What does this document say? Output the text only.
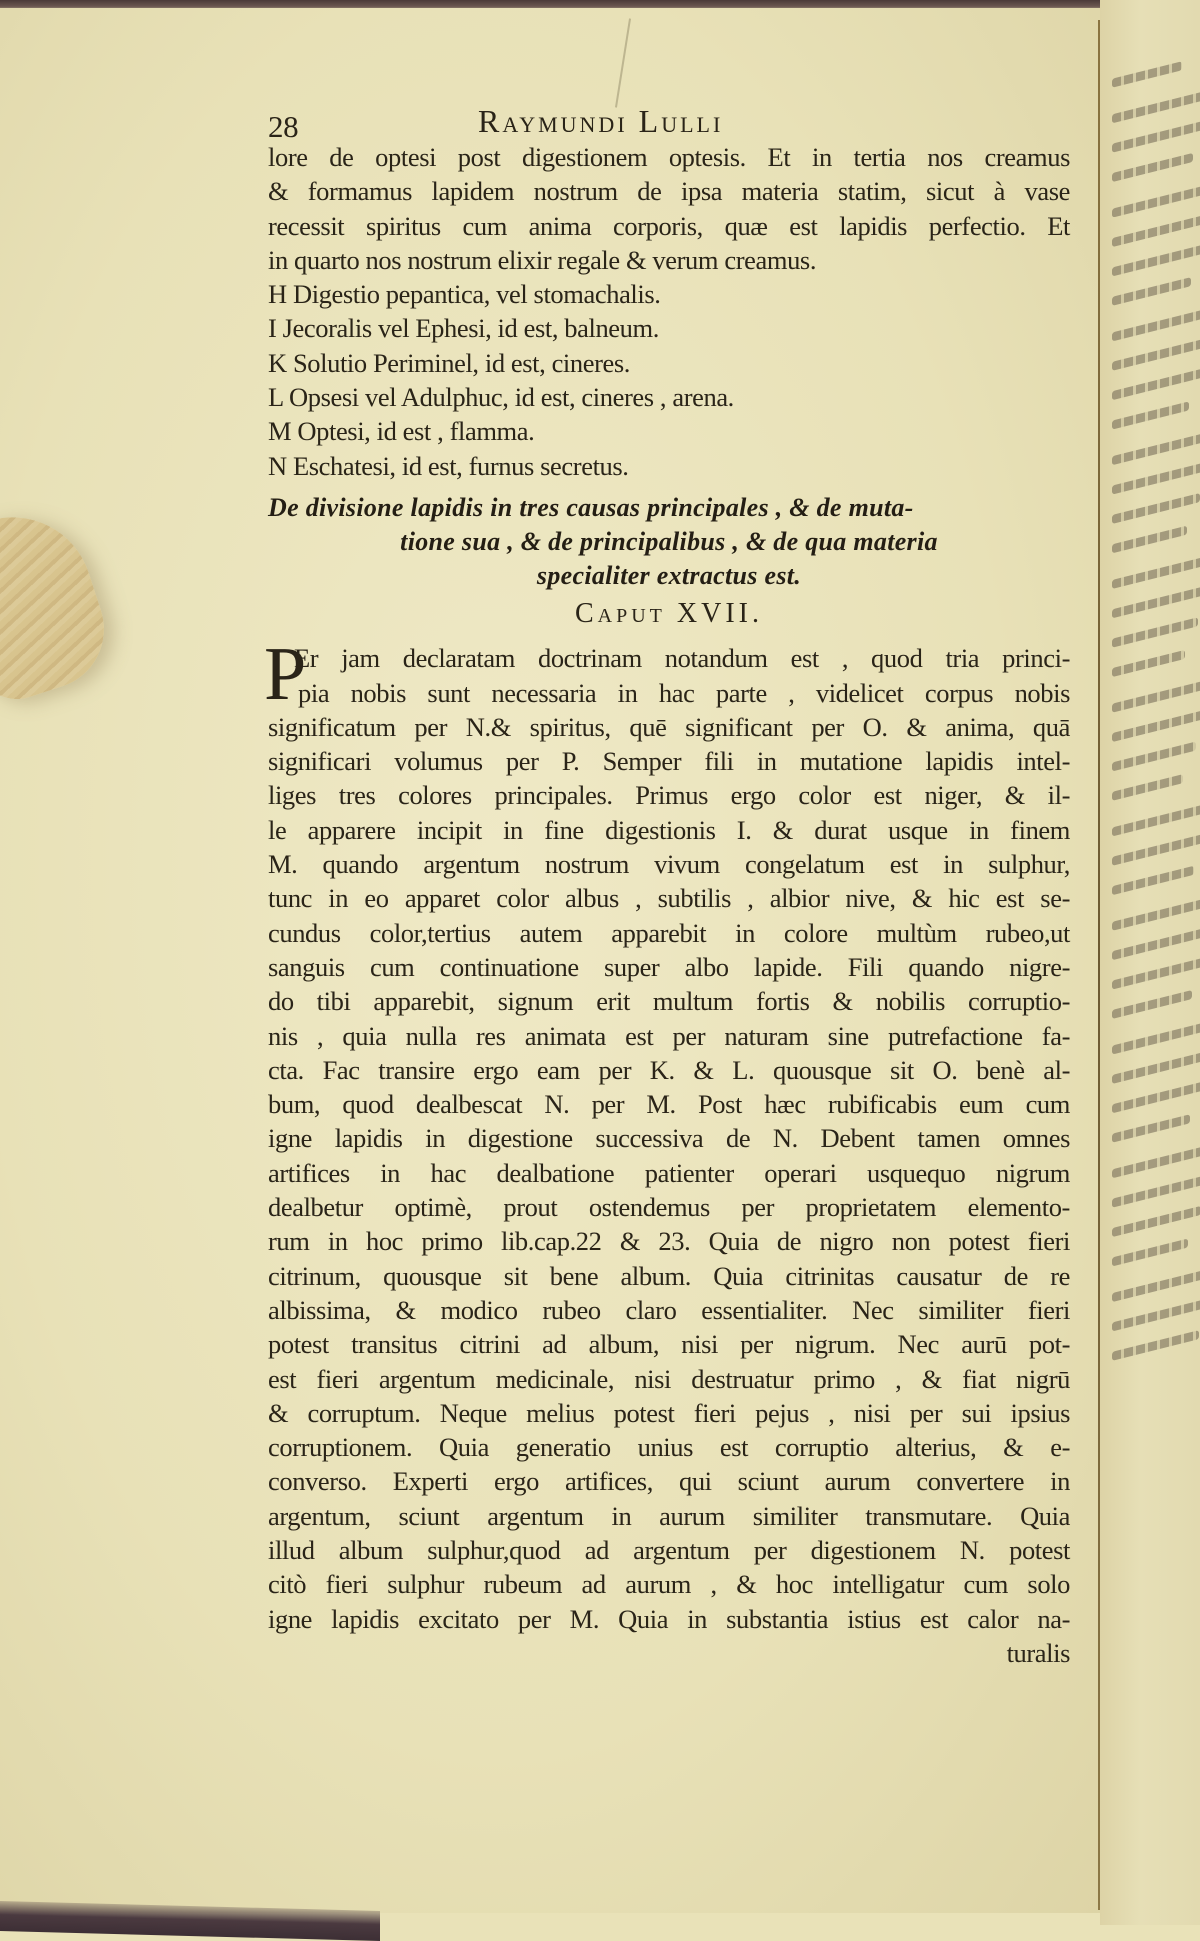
28	Raymundi Lulli
lore de optesi post digestionem optesis. Et in tertia nos creamus
& formamus lapidem nostrum de ipsa materia statim, sicut à vase
recessit spiritus cum anima corporis, quæ est lapidis perfectio. Et
in quarto nos nostrum elixir regale & verum creamus.
H Digestio pepantica, vel stomachalis.
I Jecoralis vel Ephesi, id est, balneum.
K Solutio Periminel, id est, cineres.
L Opsesi vel Adulphuc, id est, cineres , arena.
M Optesi, id est , flamma.
N Eschatesi, id est, furnus secretus.
De divisione lapidis in tres causas principales , & de muta-
tione sua , & de principalibus , & de qua materia
specialiter extractus est.
Caput XVII.
P
Er jam declaratam doctrinam notandum est , quod tria princi-
pia nobis sunt necessaria in hac parte , videlicet corpus nobis
significatum per N.& spiritus, quē significant per O. & anima, quā
significari volumus per P. Semper fili in mutatione lapidis intel-
liges tres colores principales. Primus ergo color est niger, & il-
le apparere incipit in fine digestionis I. & durat usque in finem
M. quando argentum nostrum vivum congelatum est in sulphur,
tunc in eo apparet color albus , subtilis , albior nive, & hic est se-
cundus color,tertius autem apparebit in colore multùm rubeo,ut
sanguis cum continuatione super albo lapide. Fili quando nigre-
do tibi apparebit, signum erit multum fortis & nobilis corruptio-
nis , quia nulla res animata est per naturam sine putrefactione fa-
cta. Fac transire ergo eam per K. & L. quousque sit O. benè al-
bum, quod dealbescat N. per M. Post hæc rubificabis eum cum
igne lapidis in digestione successiva de N. Debent tamen omnes
artifices in hac dealbatione patienter operari usquequo nigrum
dealbetur optimè, prout ostendemus per proprietatem elemento-
rum in hoc primo lib.cap.22 & 23. Quia de nigro non potest fieri
citrinum, quousque sit bene album. Quia citrinitas causatur de re
albissima, & modico rubeo claro essentialiter. Nec similiter fieri
potest transitus citrini ad album, nisi per nigrum. Nec aurū pot-
est fieri argentum medicinale, nisi destruatur primo , & fiat nigrū
& corruptum. Neque melius potest fieri pejus , nisi per sui ipsius
corruptionem. Quia generatio unius est corruptio alterius, & e-
converso. Experti ergo artifices, qui sciunt aurum convertere in
argentum, sciunt argentum in aurum similiter transmutare. Quia
illud album sulphur,quod ad argentum per digestionem N. potest
citò fieri sulphur rubeum ad aurum , & hoc intelligatur cum solo
igne lapidis excitato per M. Quia in substantia istius est calor na-
turalis
